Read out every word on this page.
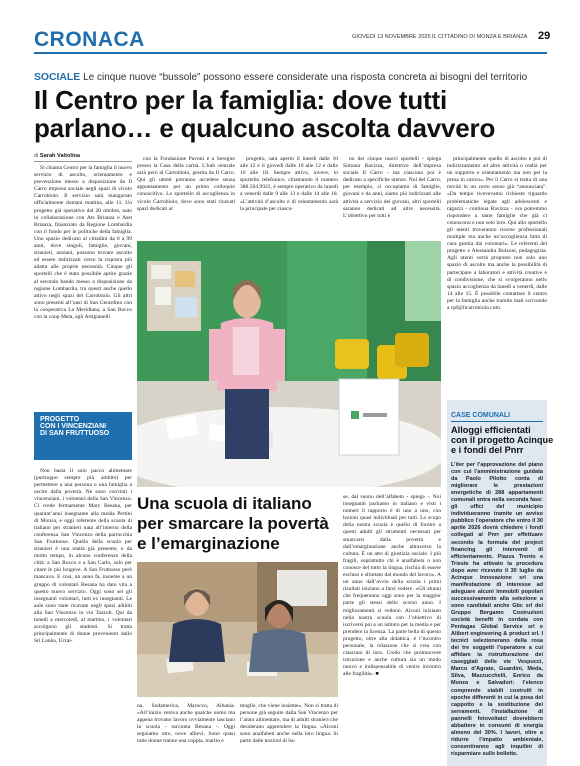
CRONACA	GIOVEDÌ 13 NOVEMBRE 2025 IL CITTADINO DI MONZA E BRIANZA 29
SOCIALE Le cinque nuove “bussole” possono essere considerate una risposta concreta ai bisogni del territorio
Il Centro per la famiglia: dove tutti
parlano… e qualcuno ascolta davvero
di Sarah Valtolina

Si chiama Centro per la famiglia il nuovo servizio di ascolto, orientamento e prevenzione messo a disposizione da Il Carro impresa sociale negli spazi di vicolo Carrobiolo. Il servizio sarà inaugurato ufficialmente domani mattina, alle 11. Un progetto già operativo dal 20 ottobre, nato in collaborazione con Ats Brianza e Asst Brianza, finanziato da Regione Lombardia con il fondo per le politiche della famiglia. Uno spazio dedicato ai cittadini da 0 a 99 anni, dove singoli, famiglie, giovani, stranieri, anziani, possono trovare ascolto ed essere indirizzati verso la risposta più adatta alle proprie necessità. Cinque gli sportelli che è stato possibile aprire grazie al secondo bando messo a disposizione da regione Lombardia, tra questi anche quello attivo negli spazi del Carrobiolo. Gli altri sono presenti all’oasi di San Gerardino con la cooperativa La Meridiana, a San Rocco con la coop Meta, agli Artigianelli

con la Fondazione Pavoni e a Seregno presso la Casa della carità. L’hub centrale sarà però al Carrobiolo, gestita da Il Carro. Qui gli utenti potranno accedere senza appuntamento per un primo colloquio conoscitivo. Lo sportello di accoglienza in vicolo Carrobiolo, dove sono stati ricavati spazi dedicati al

progetto, sarà aperto il lunedì dalle 10 alle 12 e il giovedì dalle 10 alle 12 e dalle 16 alle 18. Sempre attivo, invece, lo sportello telefonico, chiamando il numero 388.564.9922, è sempre operativo da lunedì a venerdì dalle 9 alle 13 e dalle 14 alle 18. «L’attività d’ascolto e di orientamento sarà la principale per ciascu-

no dei cinque nuovi sportelli - spiega Simona Ravizza, direttrice dell’impresa sociale Il Carro - ma ciascuno poi è dedicato a specifiche utenze. Noi del Carro, per esempio, ci occupiamo di famiglie, giovani e da anni, siamo più indirizzati alle attività a servizio dei giovani, altri sportelli saranno dedicati ad altre necessità. L’obiettivo per tutti è

principalmente quello di ascolto e poi di indirizzamento ad altre attività o realtà per un supporto e orientamento ma non per la presa in carico». Per il Carro si tratta di una novità in un certo senso già “annunciata”. «Da tempo ricevevamo richieste riguardo problematiche legate agli adolescenti e ragazzi - continua Ravizza - ora potremmo rispondere a tante famiglie che già ci conoscono e non solo loro. Qui allo sportello gli utenti troveranno risorse professionali multiple ma anche un’accoglienza fatta di cura gestita dai volontari». Le referenti del progetto e Alessandra Bulzoni, pedagogista. Agli utenti verrà proposto non solo uno spazio di ascolto ma anche la possibilità di partecipare a laboratori e attività creative e di condivisione, che si svolgeranno nello spazio accoglienza da lunedì a venerdì, dalle 14 alle 15. È possibile contattare il centro per la famiglia anche tramite mail scrivendo a cpf@ilcarrobiolo.com.

PROGETTO
CON I VINCENZIANI
DI SAN FRUTTUOSO

Non basta il solo pacco alimentare (purtroppo sempre più ambito) per permettere a una persona o una famiglia a uscire dalla povertà. Ne sono convinti i vincenziani, i volontari della San Vincenzo. Ci crede fermamente Mary Besana, per quarant’anni insegnante alla media Pertini di Monza, e oggi referente della scuola di italiano per stranieri nata all’interno della conferenza San Vincenzo della parrocchia San Fruttuoso. Quella della scuola per stranieri è una realtà già presente, e da molto tempo, in alcune conferenze della città: a San Rocco e a San Carlo, solo per citare le più longeve. A San Fruttuoso però mancava. E così, un anno fa, insieme a un gruppo di volontari Besana ha dato vita a questo nuovo servizio. Oggi sono sei gli insegnanti volontari, tutti ex insegnanti. Le aule sono state ricavate negli spazi adibiti alla San Vincenzo in via Tazzoli. Qui da lunedì a mercoledì, al mattino, i volontari accolgono gli studenti. Si tratta principalmente di donne provenienti dallo Sri Lanka, Ucrai-

Una scuola di italiano
per smarcare la povertà
e l’emarginazione

na, Sudamerica, Marocco, Albania. «All’inizio veniva anche qualche uomo ma appena trovano lavoro ovviamente lasciano la scuola - racconta Besana -. Oggi seguiamo otto, nove allievi. Sono quasi tutte donne tranne una coppia, marito e

moglie, che viene insieme». Non si tratta di persone già seguite dalla San Vincenzo per l’aiuto alimentare, ma di adulti stranieri che desiderano apprendere la lingua. «Alcuni sono analfabeti anche nella loro lingua. Si parte dalle nozioni di ba-

se, dal suono dell’alfabeto - spiega -. Noi insegnanti parliamo in italiano e visti i numeri il rapporto è di uno a uno, con lezioni quasi individuali per tutti. Lo scopo della nostra scuola è quello di fornire a questi adulti gli strumenti necessari per smarcarsi dalla povertà e dall’emarginazione anche attraverso la cultura. È un atto di giustizia sociale. I più fragili, soprattutto chi è analfabeta o non conosce del tutto la lingua, rischia di essere escluso e sfruttato dal mondo del lavoro». A un anno dall’avvio della scuola i primi risultati iniziano a farsi vedere. «Gli alunni che frequentano oggi sono per la maggior parte gli stessi dello scorso anno. I miglioramenti si vedono. Alcuni iniziano nella nostra scuola con l’obiettivo di iscriversi poi a un istituto per la media e per prendere la licenza. La parte bella di questo progetto, oltre alla didattica, è l’incontro personale, la relazione che si crea con ciascuno di loro. Credo che promuovere istruzione e anche cultura sia un modo nuovo e indispensabile di venire incontro alle fragilità». ■

CASE COMUNALI
Alloggi efficientati
con il progetto Acinque
e i fondi del Pnrr

L’iter per l’approvazione del piano con cui l’amministrazione guidata da Paolo Pilotto conta di migliorare le prestazioni energetiche di 288 appartamenti comunali entra nella seconda fase: gli uffici del municipio individueranno tramite un avviso pubblico l’operatore che entro il 30 aprile 2026 dovrà chiedere i fondi collegati al Pnrr per effettuare secondo la formula del project financing gli interventi di efficientamento. Piazza Trento e Trieste ha attivato la procedura dopo aver ricevuto il 30 luglio da Acinque Innovazione srl una manifestazione di interesse ad adeguare alcuni immobili popolari successivamente alla selezione a sono candidati anche Gbc srl del Gruppo Bergamo Costruzioni società benefit in cordata con Pentagas Global Service srl e Alibert engineering & product srl. I tecnici selezionerano della rosa dei tre soggetti l’operatore a cui affidare la ristrutturazione dei caseggiati delle vie Vespucci, Marco d’Agrate, Guardini, Meda, Silva, Mazzucchelli, Enrico da Monza e Salvadori: l’elenco comprende stabili costruiti in epoche differenti in cui la posa del cappotto e la sostituzione dei serramenti, l’installazione di pannelli fotovoltaici dovrebbero abbattere in consumi di energia almeno del 30%. I lavori, oltre a ridurre l’impatto ambientale, consentiranno agli inquilini di risparmiare sulle bollette.
